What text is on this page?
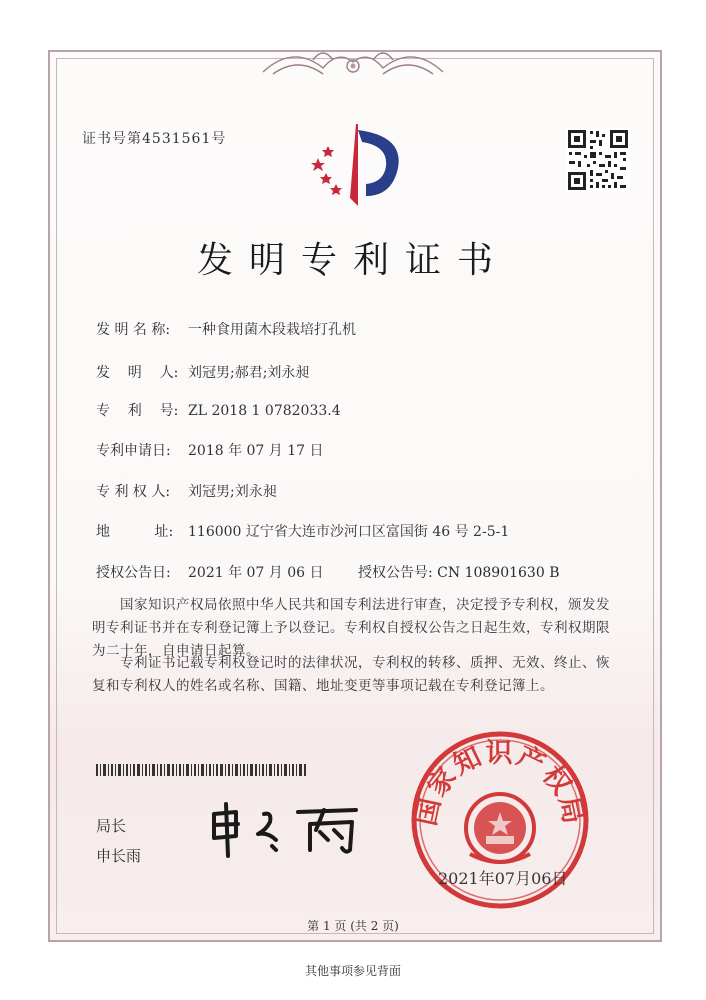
证书号第4531561号
发明专利证书
发 明 名 称: 一种食用菌木段栽培打孔机
发    明    人: 刘冠男;郝君;刘永昶
专    利    号: ZL 2018 1 0782033.4
专利申请日: 2018 年 07 月 17 日
专 利 权 人: 刘冠男;刘永昶
地          址: 116000 辽宁省大连市沙河口区富国街 46 号 2-5-1
授权公告日: 2021 年 07 月 06 日 授权公告号: CN 108901630 B
国家知识产权局依照中华人民共和国专利法进行审查，决定授予专利权，颁发发明专利证书并在专利登记簿上予以登记。专利权自授权公告之日起生效，专利权期限为二十年，自申请日起算。
专利证书记载专利权登记时的法律状况，专利权的转移、质押、无效、终止、恢复和专利权人的姓名或名称、国籍、地址变更等事项记载在专利登记簿上。
局长
申长雨
国家知识产权局
2021年07月06日
第 1 页 (共 2 页)
其他事项参见背面
